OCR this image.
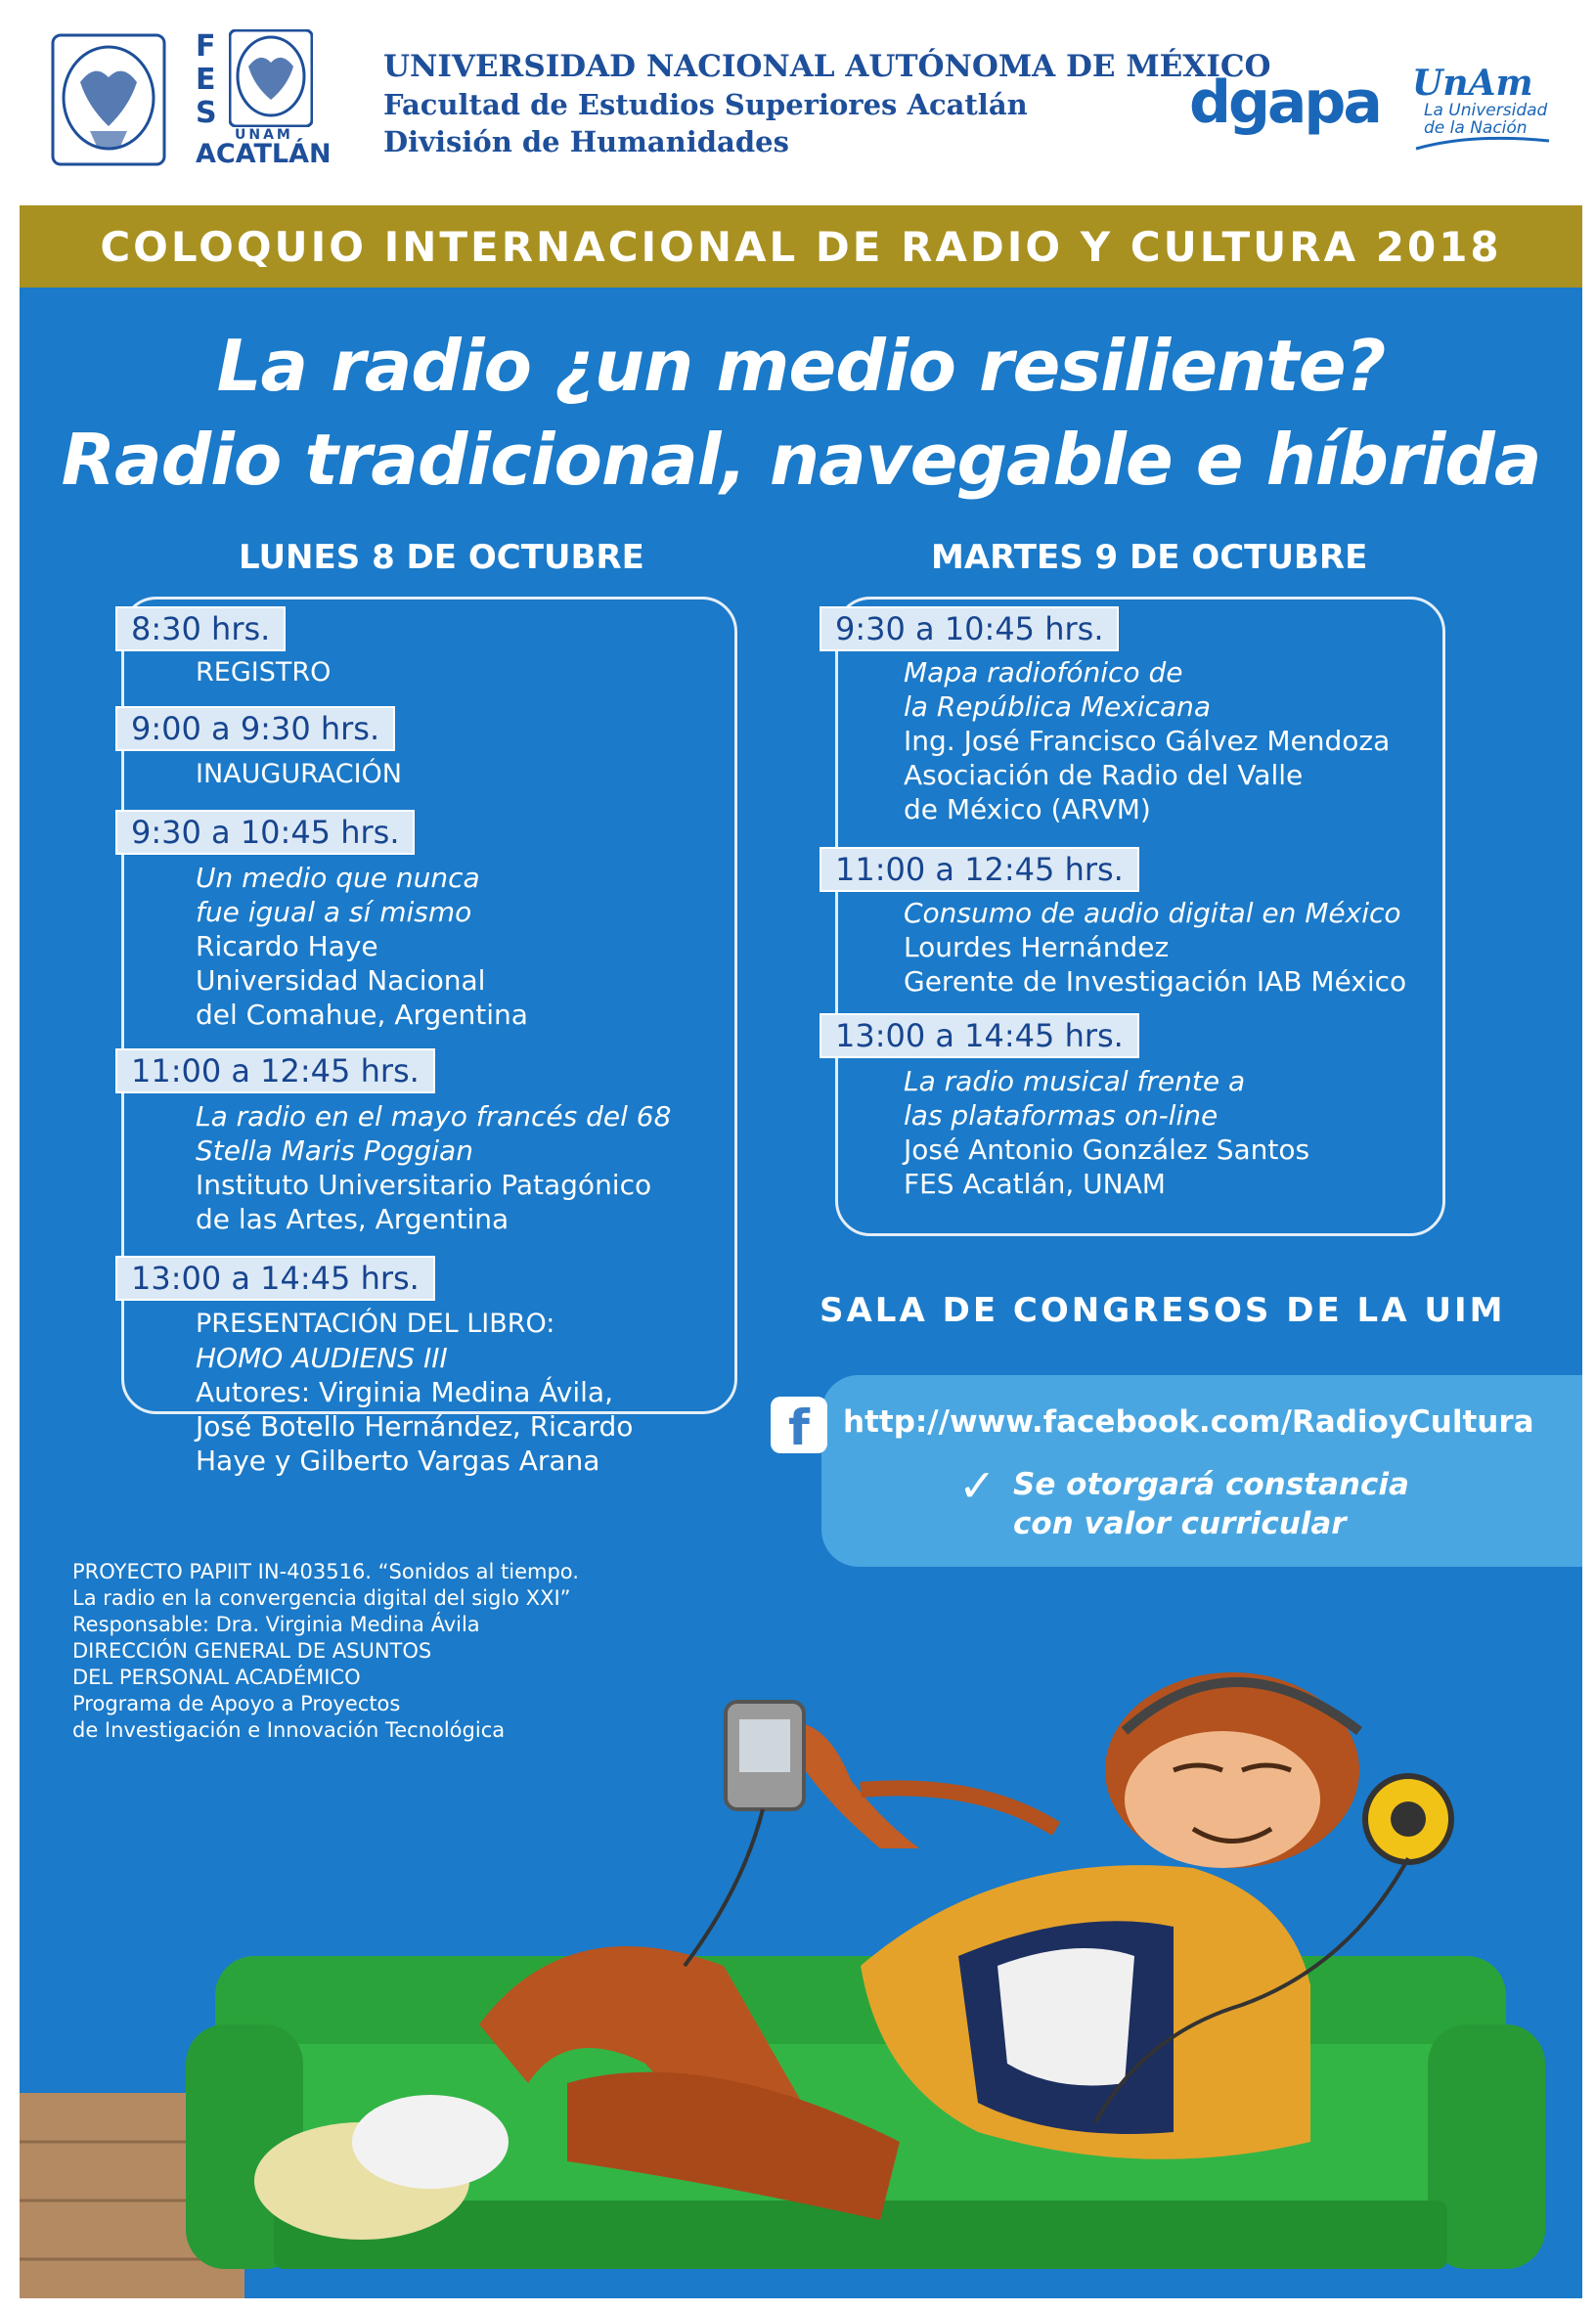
F
E
S
UNAM
ACATLÁN
UNIVERSIDAD NACIONAL AUTÓNOMA DE MÉXICO
Facultad de Estudios Superiores Acatlán
División de Humanidades
dgapa UnAm
La Universidad
de la Nación
COLOQUIO INTERNACIONAL DE RADIO Y CULTURA 2018
La radio ¿un medio resiliente?
Radio tradicional, navegable e híbrida
LUNES 8 DE OCTUBRE
8:30 hrs.
REGISTRO
9:00 a 9:30 hrs.
INAUGURACIÓN
9:30 a 10:45 hrs.
Un medio que nunca
fue igual a sí mismo
Ricardo Haye
Universidad Nacional
del Comahue, Argentina
11:00 a 12:45 hrs.
La radio en el mayo francés del 68
Stella Maris Poggian
Instituto Universitario Patagónico
de las Artes, Argentina
13:00 a 14:45 hrs.
PRESENTACIÓN DEL LIBRO:
HOMO AUDIENS III
Autores: Virginia Medina Ávila,
José Botello Hernández, Ricardo
Haye y Gilberto Vargas Arana
MARTES 9 DE OCTUBRE
9:30 a 10:45 hrs.
Mapa radiofónico de
la República Mexicana
Ing. José Francisco Gálvez Mendoza
Asociación de Radio del Valle
de México (ARVM)
11:00 a 12:45 hrs.
Consumo de audio digital en México
Lourdes Hernández
Gerente de Investigación IAB México
13:00 a 14:45 hrs.
La radio musical frente a
las plataformas on-line
José Antonio González Santos
FES Acatlán, UNAM
SALA DE CONGRESOS DE LA UIM
f	http://www.facebook.com/RadioyCultura
✓ Se otorgará constancia
con valor curricular
PROYECTO PAPIIT IN-403516. “Sonidos al tiempo.
La radio en la convergencia digital del siglo XXI”
Responsable: Dra. Virginia Medina Ávila
DIRECCIÓN GENERAL DE ASUNTOS
DEL PERSONAL ACADÉMICO
Programa de Apoyo a Proyectos
de Investigación e Innovación Tecnológica
